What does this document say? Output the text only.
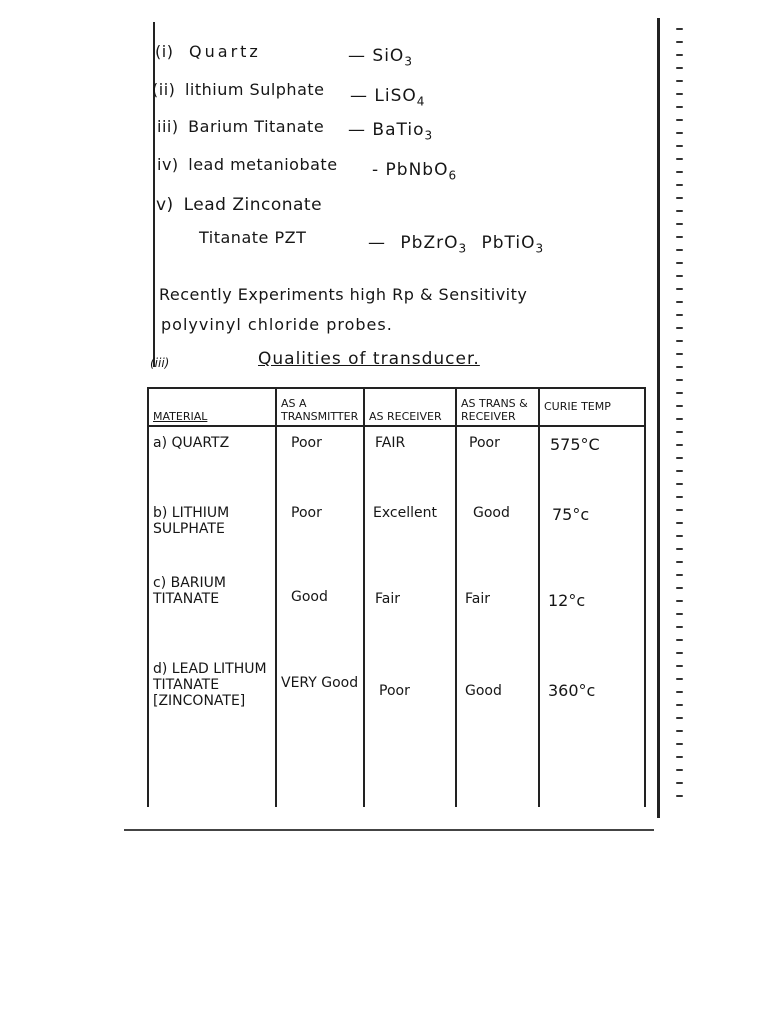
(i) Quartz	— SiO$_3$
(ii) lithium Sulphate — LiSO$_4$
iii) Barium Titanate — BaTio$_3$
iv) lead metaniobate - PbNbO$_6$
v) Lead Zinconate
Titanate PZT	— PbZrO$_3$ PbTiO$_3$
Recently Experiments high Rp & Sensitivity
polyvinyl chloride probes.
(iii)	Qualities of transducer.
MATERIAL	AS A TRANSMITTER	AS RECEIVER	AS TRANS & RECEIVER	CURIE TEMP
a) QUARTZ	Poor	FAIR	Poor	575°C
b) LITHIUM SULPHATE	Poor	Excellent	Good	75°c
c) BARIUM TITANATE	Good	Fair	Fair	12°c
d) LEAD LITHUM TITANATE [ZINCONATE]	VERY Good	Poor	Good	360°c
